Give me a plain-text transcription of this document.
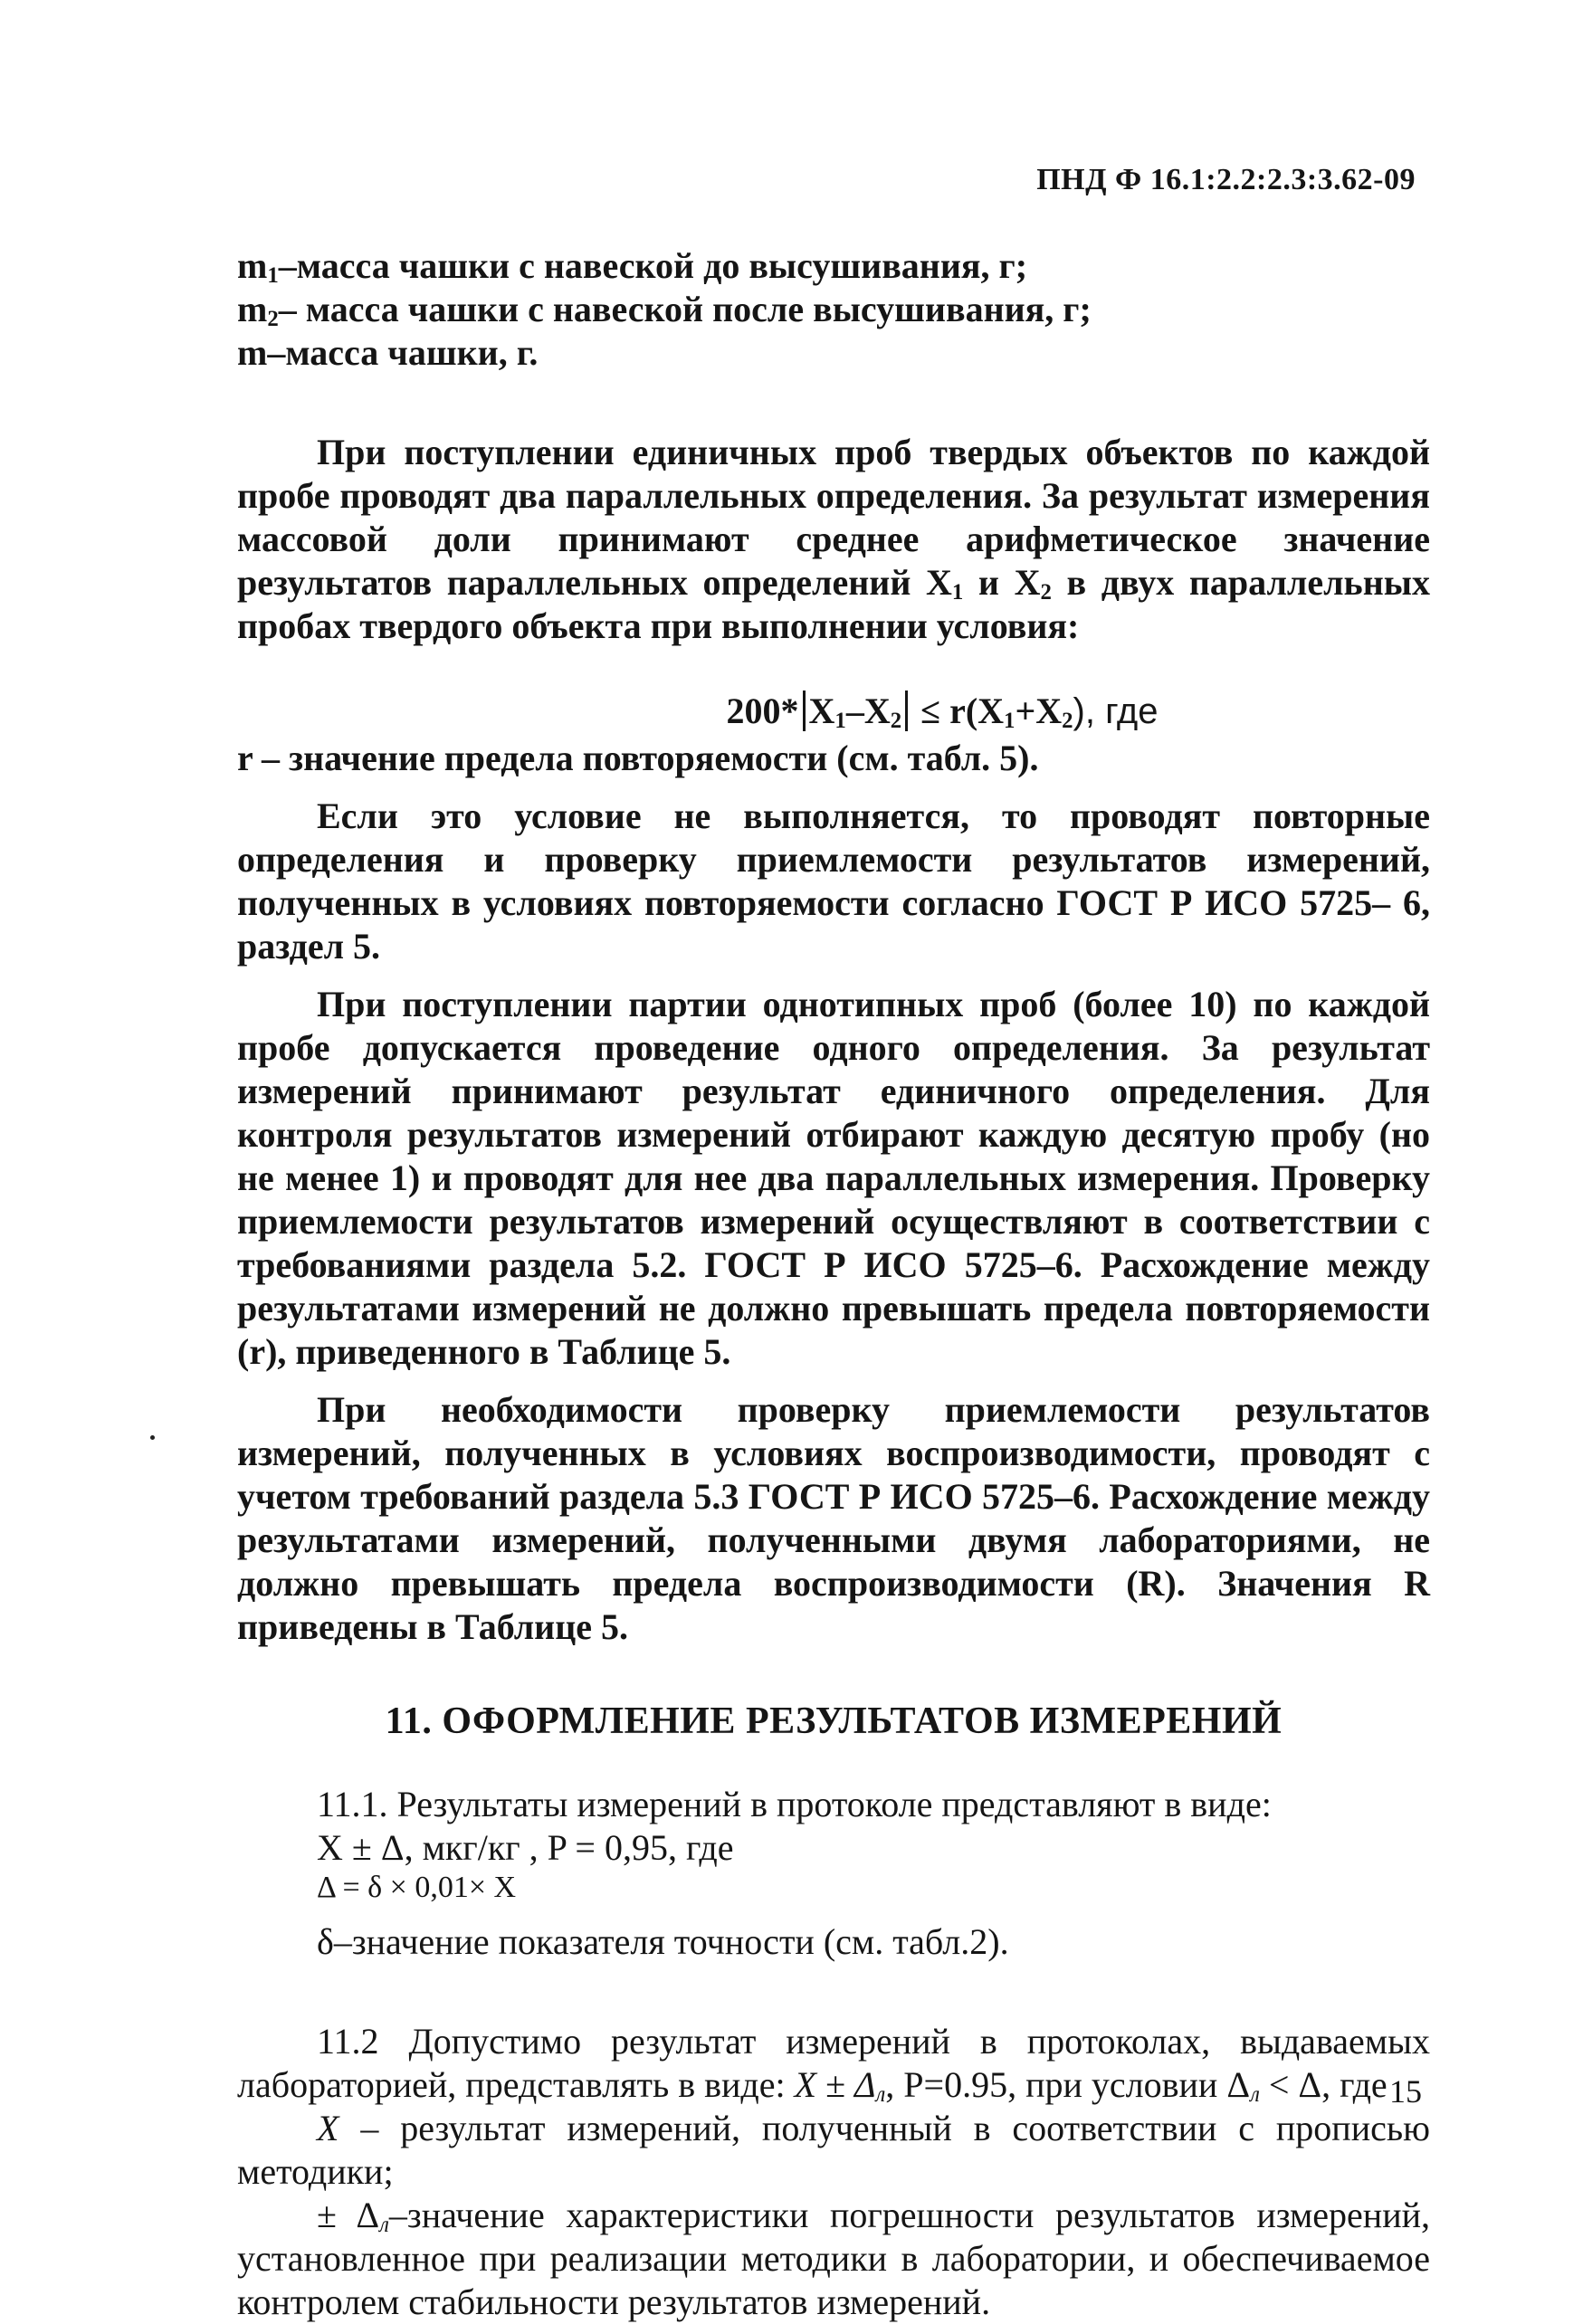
ПНД Ф 16.1:2.2:2.3:3.62-09
$m_1$–масса чашки с навеской до высушивания, г;
$m_2-$ масса чашки с навеской после высушивания, г;
m–масса чашки, г.

При поступлении единичных проб твердых объектов по каждой пробе проводят два параллельных определения. За результат измерения массовой доли принимают среднее арифметическое значение результатов параллельных определений $X_1$ и $X_2$ в двух параллельных пробах твердого объекта при выполнении условия:

200* $X_1-X_2 \le r(X_1+X_2)$, где

r – значение предела повторяемости (см. табл. 5).

Если это условие не выполняется, то проводят повторные определения и проверку приемлемости результатов измерений, полученных в условиях повторяемости согласно ГОСТ Р ИСО 5725– 6, раздел 5.

При поступлении партии однотипных проб (более 10) по каждой пробе допускается проведение одного определения. За результат измерений принимают результат единичного определения. Для контроля результатов измерений отбирают каждую десятую пробу (но не менее 1) и проводят для нее два параллельных измерения. Проверку приемлемости результатов измерений осуществляют в соответствии с требованиями раздела 5.2. ГОСТ Р ИСО 5725–6. Расхождение между результатами измерений не должно превышать предела повторяемости (r), приведенного в Таблице 5.

При необходимости проверку приемлемости результатов измерений, полученных в условиях воспроизводимости, проводят с учетом требований раздела 5.3 ГОСТ Р ИСО 5725–6. Расхождение между результатами измерений, полученными двумя лабораториями, не должно превышать предела воспроизводимости (R). Значения R приведены в Таблице 5.

11. ОФОРМЛЕНИЕ РЕЗУЛЬТАТОВ ИЗМЕРЕНИЙ

11.1. Результаты измерений в протоколе представляют в виде:

X ± Δ, мкг/кг , P = 0,95, где

Δ = δ × 0,01× X

δ–значение показателя точности (см. табл.2).

11.2 Допустимо результат измерений в протоколах, выдаваемых лабораторией, представлять в виде: $X \pm \Delta_л$, P=0.95, при условии $\Delta_л < \Delta$, где

X – результат измерений, полученный в соответствии с прописью методики;

± $\Delta_л$–значение характеристики погрешности результатов измерений, установленное при реализации методики в лаборатории, и обеспечиваемое контролем стабильности результатов измерений.

15
